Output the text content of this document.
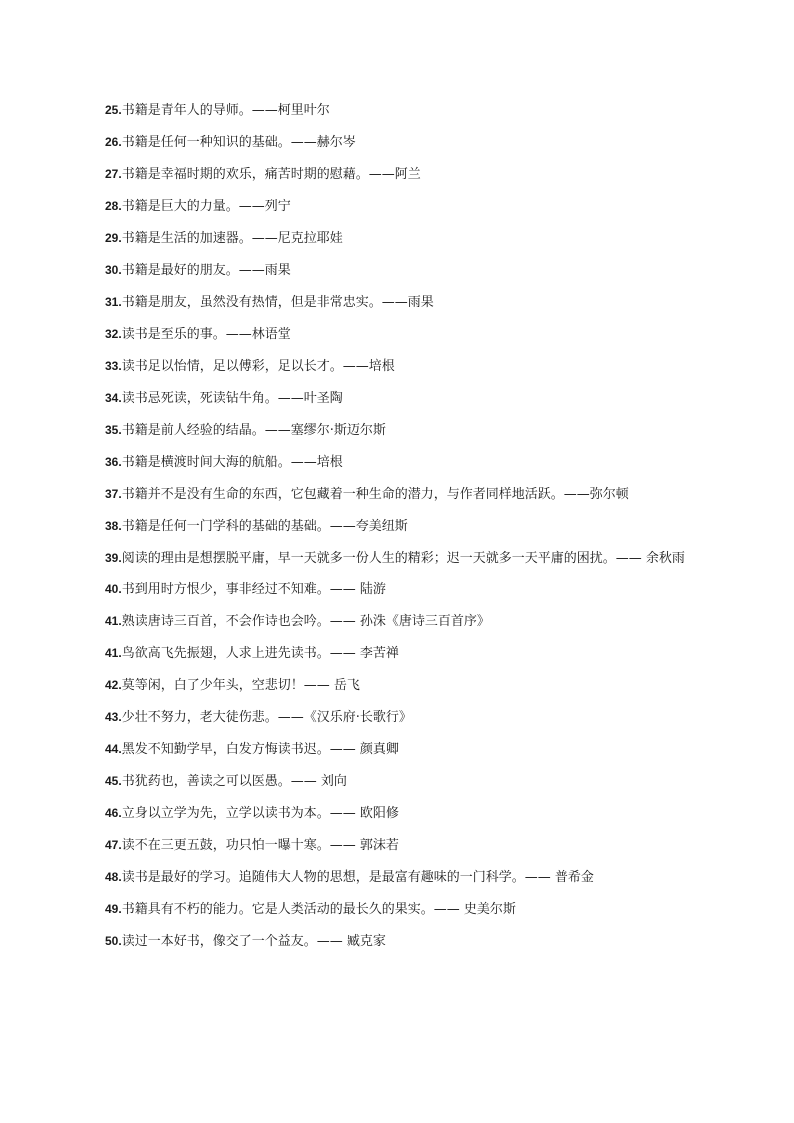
25.书籍是青年人的导师。——柯里叶尔
26.书籍是任何一种知识的基础。——赫尔岑
27.书籍是幸福时期的欢乐，痛苦时期的慰藉。——阿兰
28.书籍是巨大的力量。——列宁
29.书籍是生活的加速器。——尼克拉耶娃
30.书籍是最好的朋友。——雨果
31.书籍是朋友，虽然没有热情，但是非常忠实。——雨果
32.读书是至乐的事。——林语堂
33.读书足以怡情，足以傅彩，足以长才。——培根
34.读书忌死读，死读钻牛角。——叶圣陶
35.书籍是前人经验的结晶。——塞缪尔·斯迈尔斯
36.书籍是横渡时间大海的航船。——培根
37.书籍并不是没有生命的东西，它包藏着一种生命的潜力，与作者同样地活跃。——弥尔顿
38.书籍是任何一门学科的基础的基础。——夸美纽斯
39.阅读的理由是想摆脱平庸，早一天就多一份人生的精彩；迟一天就多一天平庸的困扰。—— 余秋雨
40.书到用时方恨少，事非经过不知难。—— 陆游
41.熟读唐诗三百首，不会作诗也会吟。—— 孙洙《唐诗三百首序》
41.鸟欲高飞先振翅，人求上进先读书。—— 李苦禅
42.莫等闲，白了少年头，空悲切！—— 岳飞
43.少壮不努力，老大徒伤悲。——《汉乐府·长歌行》
44.黑发不知勤学早，白发方悔读书迟。—— 颜真卿
45.书犹药也，善读之可以医愚。—— 刘向
46.立身以立学为先，立学以读书为本。—— 欧阳修
47.读不在三更五鼓，功只怕一曝十寒。—— 郭沫若
48.读书是最好的学习。追随伟大人物的思想，是最富有趣味的一门科学。—— 普希金
49.书籍具有不朽的能力。它是人类活动的最长久的果实。—— 史美尔斯
50.读过一本好书，像交了一个益友。—— 臧克家
